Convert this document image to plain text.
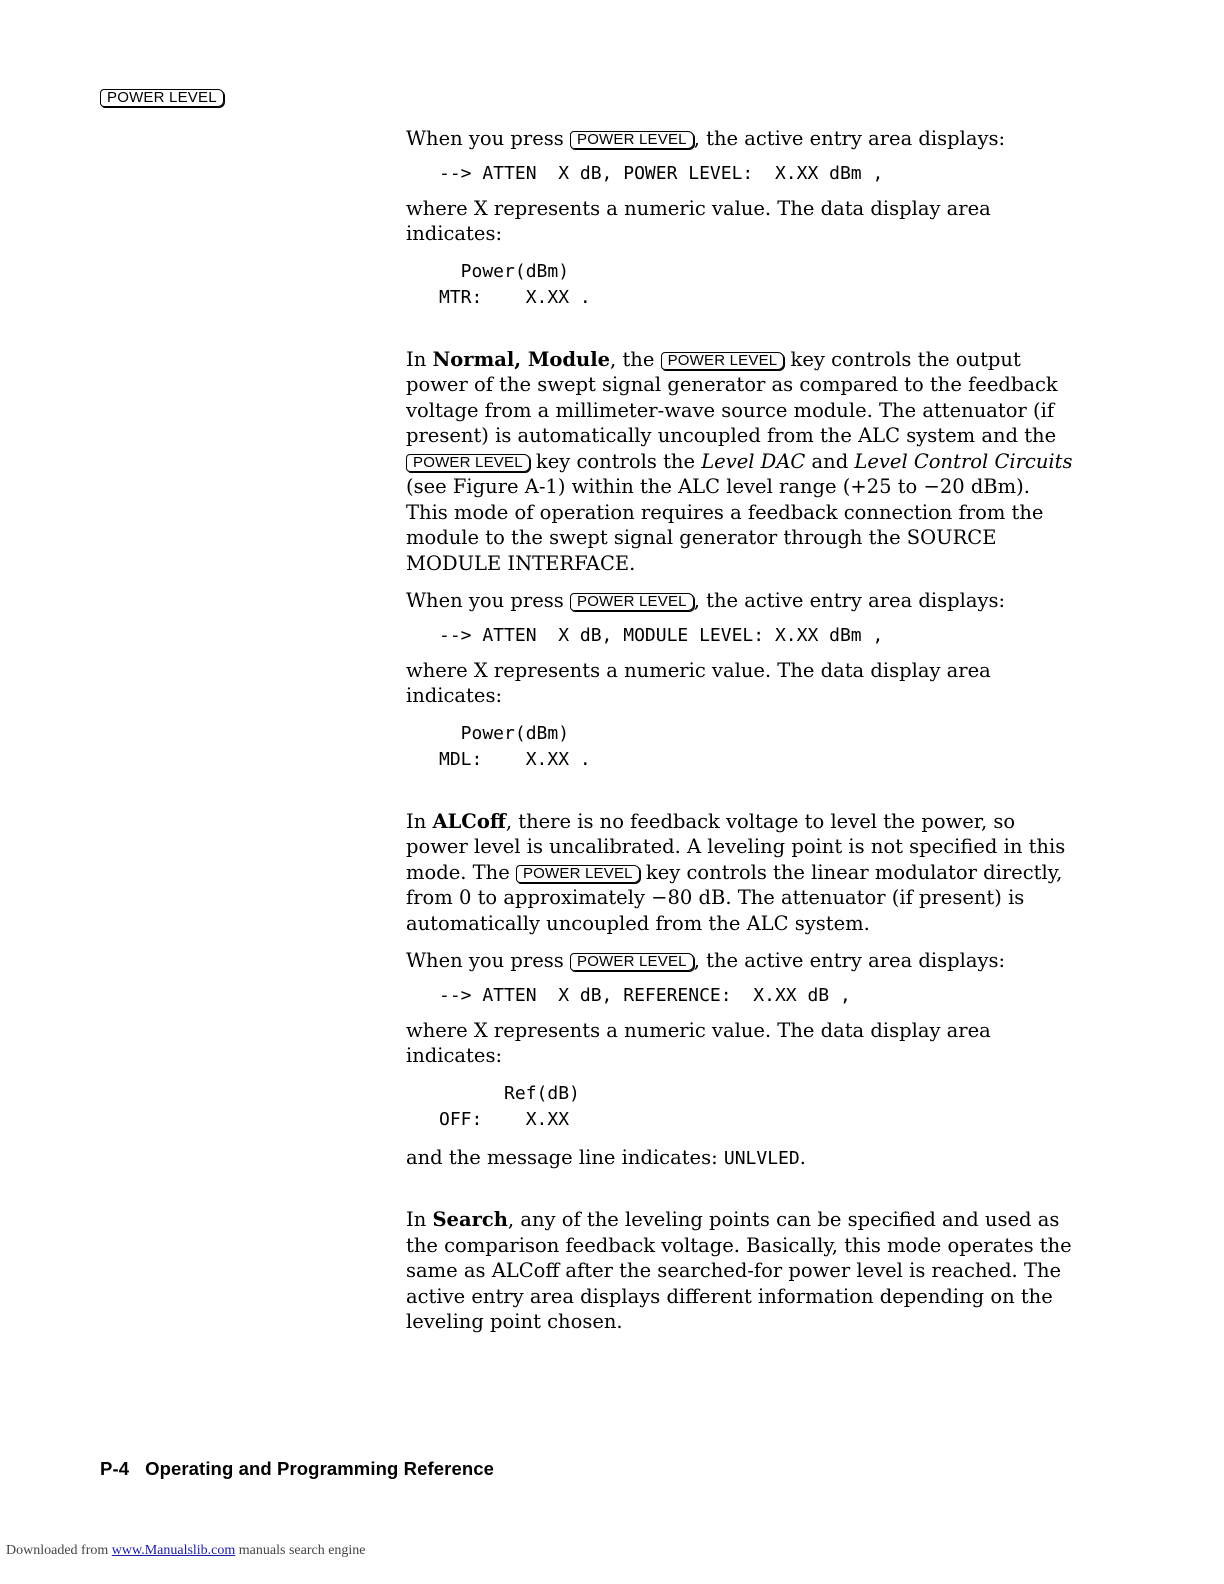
POWER LEVEL

When you press POWER LEVEL , the active entry area displays:

--> ATTEN  X dB, POWER LEVEL:  X.XX dBm ,

where X represents a numeric value. The data display area indicates:

Power(dBm)
MTR:    X.XX .

In Normal, Module, the POWER LEVEL key controls the output power of the swept signal generator as compared to the feedback voltage from a millimeter-wave source module. The attenuator (if present) is automatically uncoupled from the ALC system and the POWER LEVEL key controls the Level DAC and Level Control Circuits (see Figure A-1) within the ALC level range (+25 to −20 dBm). This mode of operation requires a feedback connection from the module to the swept signal generator through the SOURCE MODULE INTERFACE.

When you press POWER LEVEL , the active entry area displays:

--> ATTEN  X dB, MODULE LEVEL: X.XX dBm ,

where X represents a numeric value. The data display area indicates:

Power(dBm)
MDL:    X.XX .

In ALCoff, there is no feedback voltage to level the power, so power level is uncalibrated. A leveling point is not specified in this mode. The POWER LEVEL key controls the linear modulator directly, from 0 to approximately −80 dB. The attenuator (if present) is automatically uncoupled from the ALC system.

When you press POWER LEVEL , the active entry area displays:

--> ATTEN  X dB, REFERENCE:  X.XX dB ,

where X represents a numeric value. The data display area indicates:

Ref(dB)
OFF:    X.XX

and the message line indicates: UNLVLED.

In Search, any of the leveling points can be specified and used as the comparison feedback voltage. Basically, this mode operates the same as ALCoff after the searched-for power level is reached. The active entry area displays different information depending on the leveling point chosen.

P-4 Operating and Programming Reference
Downloaded from www.Manualslib.com manuals search engine
